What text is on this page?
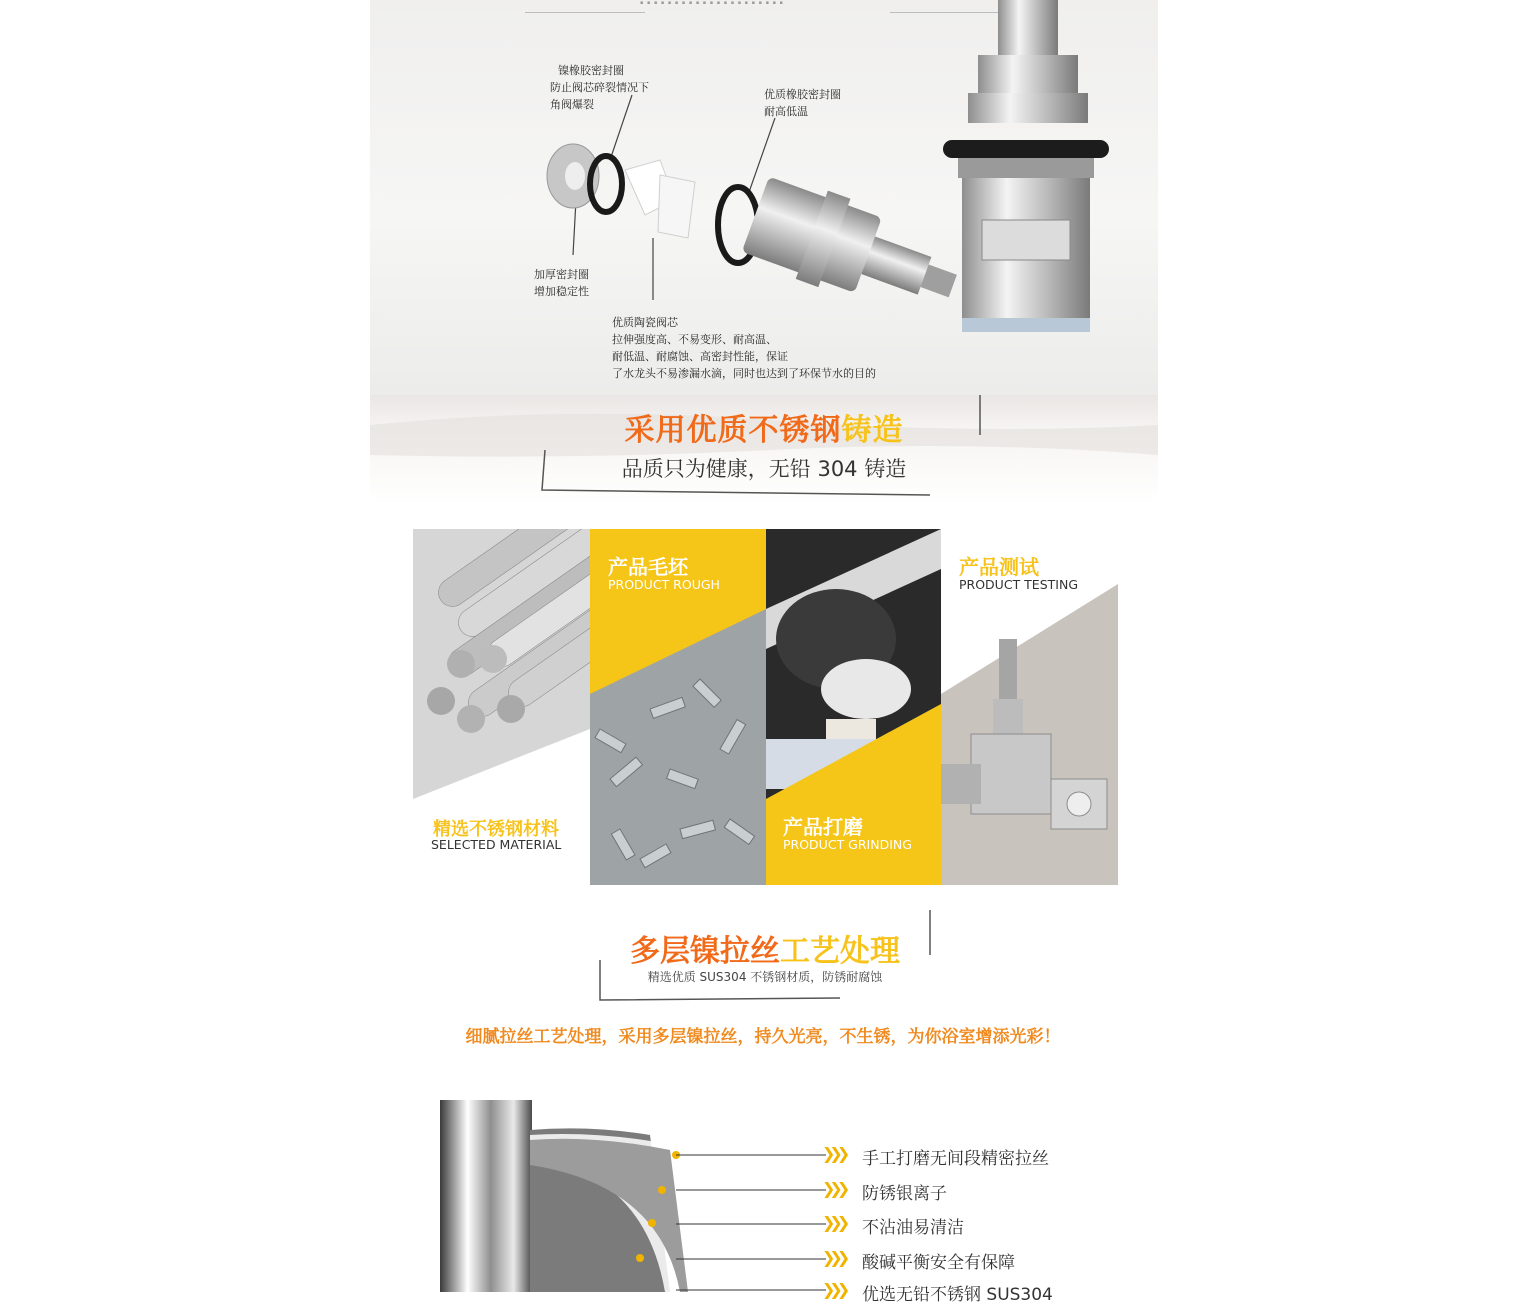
▪ ▪ ▪ ▪ ▪ ▪ ▪ ▪ ▪ ▪ ▪ ▪ ▪ ▪ ▪ ▪ ▪ ▪ ▪ ▪ ▪
镍橡胶密封圈
防止阀芯碎裂情况下
角阀爆裂
优质橡胶密封圈
耐高低温
加厚密封圈
增加稳定性
优质陶瓷阀芯
拉伸强度高、不易变形、耐高温、
耐低温、耐腐蚀、高密封性能，保证
了水龙头不易渗漏水滴，同时也达到了环保节水的目的
采用优质不锈钢铸造
品质只为健康，无铅 304 铸造
精选不锈钢材料
SELECTED MATERIAL
产品毛坯
PRODUCT ROUGH
产品打磨
PRODUCT GRINDING
产品测试
PRODUCT TESTING
多层镍拉丝工艺处理
精选优质 SUS304 不锈钢材质，防锈耐腐蚀
细腻拉丝工艺处理，采用多层镍拉丝，持久光亮，不生锈，为你浴室增添光彩！
❯❯❯ 手工打磨无间段精密拉丝
❯❯❯ 防锈银离子
❯❯❯ 不沾油易清洁
❯❯❯ 酸碱平衡安全有保障
❯❯❯ 优选无铅不锈钢 SUS304
